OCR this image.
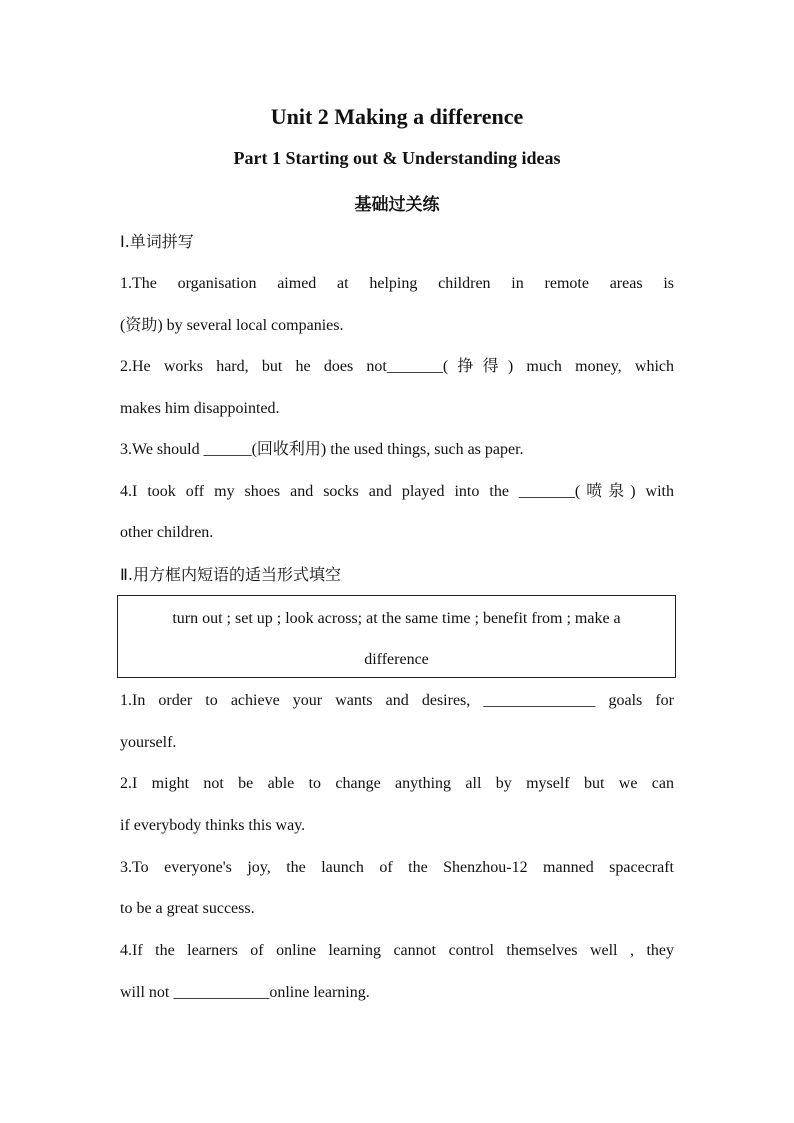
Unit 2 Making a difference
Part 1 Starting out & Understanding ideas
基础过关练
Ⅰ.单词拼写
1.The organisation aimed at helping children in remote areas is
(资助) by several local companies.
2.He works hard, but he does not_______(挣得) much money, which
makes him disappointed.
3.We should ______(回收利用) the used things, such as paper.
4.I took off my shoes and socks and played into the _______(喷泉) with
other children.
Ⅱ.用方框内短语的适当形式填空
turn out ; set up ; look across; at the same time ; benefit from ; make a
difference
1.In order to achieve your wants and desires, ______________ goals for
yourself.
2.I might not be able to change anything all by myself but we can
if everybody thinks this way.
3.To everyone's joy, the launch of the Shenzhou-12 manned spacecraft
to be a great success.
4.If the learners of online learning cannot control themselves well , they
will not ____________online learning.
